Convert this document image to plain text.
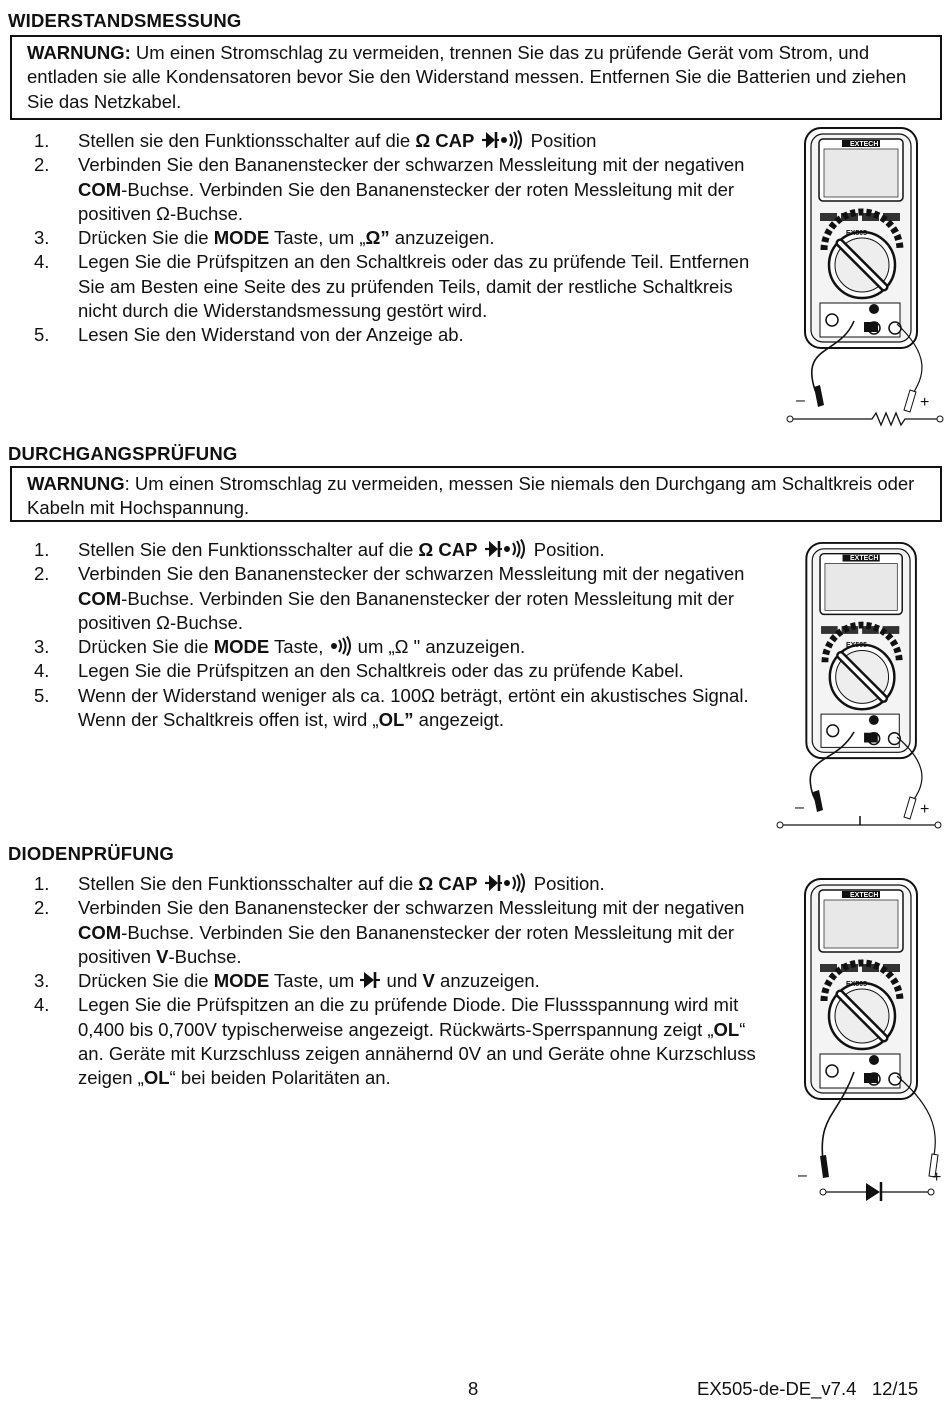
WIDERSTANDSMESSUNG
WARNUNG: Um einen Stromschlag zu vermeiden, trennen Sie das zu prüfende Gerät vom Strom, und entladen sie alle Kondensatoren bevor Sie den Widerstand messen. Entfernen Sie die Batterien und ziehen Sie das Netzkabel.
1. Stellen sie den Funktionsschalter auf die Ω CAP	Position
2. Verbinden Sie den Bananenstecker der schwarzen Messleitung mit der negativen COM-Buchse. Verbinden Sie den Bananenstecker der roten Messleitung mit der positiven Ω-Buchse.
3. Drücken Sie die MODE Taste, um „Ω” anzuzeigen.
4. Legen Sie die Prüfspitzen an den Schaltkreis oder das zu prüfende Teil. Entfernen Sie am Besten eine Seite des zu prüfenden Teils, damit der restliche Schaltkreis nicht durch die Widerstandsmessung gestört wird.
5. Lesen Sie den Widerstand von der Anzeige ab.
EXTECH
EX505
–	+
DURCHGANGSPRÜFUNG
WARNUNG: Um einen Stromschlag zu vermeiden, messen Sie niemals den Durchgang am Schaltkreis oder Kabeln mit Hochspannung.
1. Stellen Sie den Funktionsschalter auf die Ω CAP	Position.
2. Verbinden Sie den Bananenstecker der schwarzen Messleitung mit der negativen COM-Buchse. Verbinden Sie den Bananenstecker der roten Messleitung mit der positiven Ω-Buchse.
3. Drücken Sie die MODE Taste,  um „Ω " anzuzeigen.
4. Legen Sie die Prüfspitzen an den Schaltkreis oder das zu prüfende Kabel.
5. Wenn der Widerstand weniger als ca. 100Ω beträgt, ertönt ein akustisches Signal. Wenn der Schaltkreis offen ist, wird „OL” angezeigt.
EXTECH
EX505
–	+
DIODENPRÜFUNG
1. Stellen Sie den Funktionsschalter auf die Ω CAP	Position.
2. Verbinden Sie den Bananenstecker der schwarzen Messleitung mit der negativen COM-Buchse. Verbinden Sie den Bananenstecker der roten Messleitung mit der positiven V-Buchse.
3. Drücken Sie die MODE Taste, um  und V anzuzeigen.
4. Legen Sie die Prüfspitzen an die zu prüfende Diode. Die Flussspannung wird mit 0,400 bis 0,700V typischerweise angezeigt. Rückwärts-Sperrspannung zeigt „OL“ an. Geräte mit Kurzschluss zeigen annähernd 0V an und Geräte ohne Kurzschluss zeigen „OL“ bei beiden Polaritäten an.
EXTECH
EX505
–	+
8	EX505-de-DE_v7.4   12/15
